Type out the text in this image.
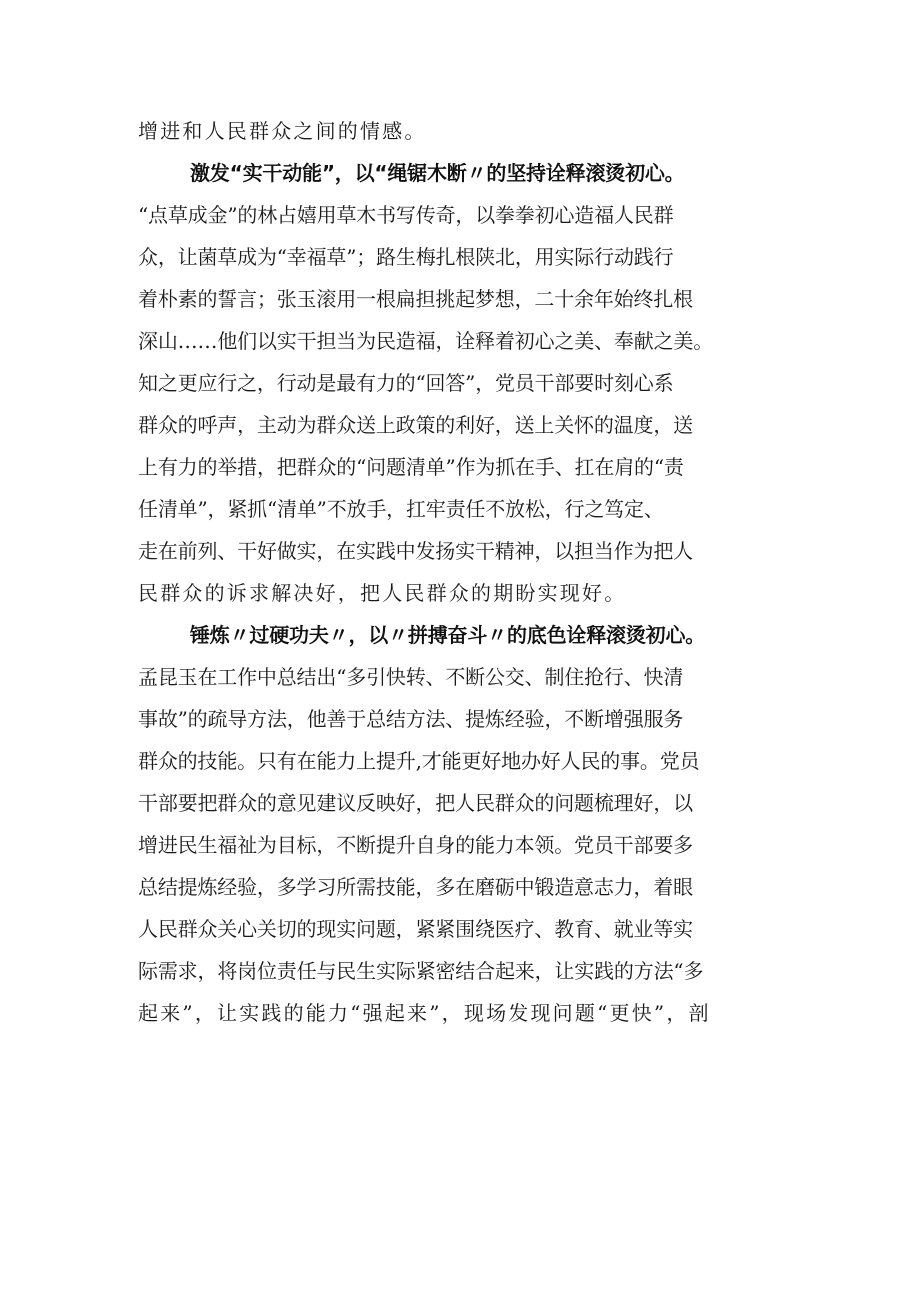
增进和人民群众之间的情感。
激发“实干动能”，以“绳锯木断〃的坚持诠释滚烫初心。
“点草成金”的林占嬉用草木书写传奇，以拳拳初心造福人民群
众，让菌草成为“幸福草”；路生梅扎根陕北，用实际行动践行
着朴素的誓言；张玉滚用一根扁担挑起梦想，二十余年始终扎根
深山……他们以实干担当为民造福，诠释着初心之美、奉献之美。
知之更应行之，行动是最有力的“回答”，党员干部要时刻心系
群众的呼声，主动为群众送上政策的利好，送上关怀的温度，送
上有力的举措，把群众的“问题清单”作为抓在手、扛在肩的“责
任清单”，紧抓“清单”不放手，扛牢责任不放松，行之笃定、
走在前列、干好做实，在实践中发扬实干精神，以担当作为把人
民群众的诉求解决好，把人民群众的期盼实现好。
锤炼〃过硬功夫〃，以〃拼搏奋斗〃的底色诠释滚烫初心。
孟昆玉在工作中总结出“多引快转、不断公交、制住抢行、快清
事故”的疏导方法，他善于总结方法、提炼经验，不断增强服务
群众的技能。只有在能力上提升,才能更好地办好人民的事。党员
干部要把群众的意见建议反映好，把人民群众的问题梳理好，以
增进民生福祉为目标，不断提升自身的能力本领。党员干部要多
总结提炼经验，多学习所需技能，多在磨砺中锻造意志力，着眼
人民群众关心关切的现实问题，紧紧围绕医疗、教育、就业等实
际需求，将岗位责任与民生实际紧密结合起来，让实践的方法“多
起来”，让实践的能力“强起来”，现场发现问题“更快”，剖
